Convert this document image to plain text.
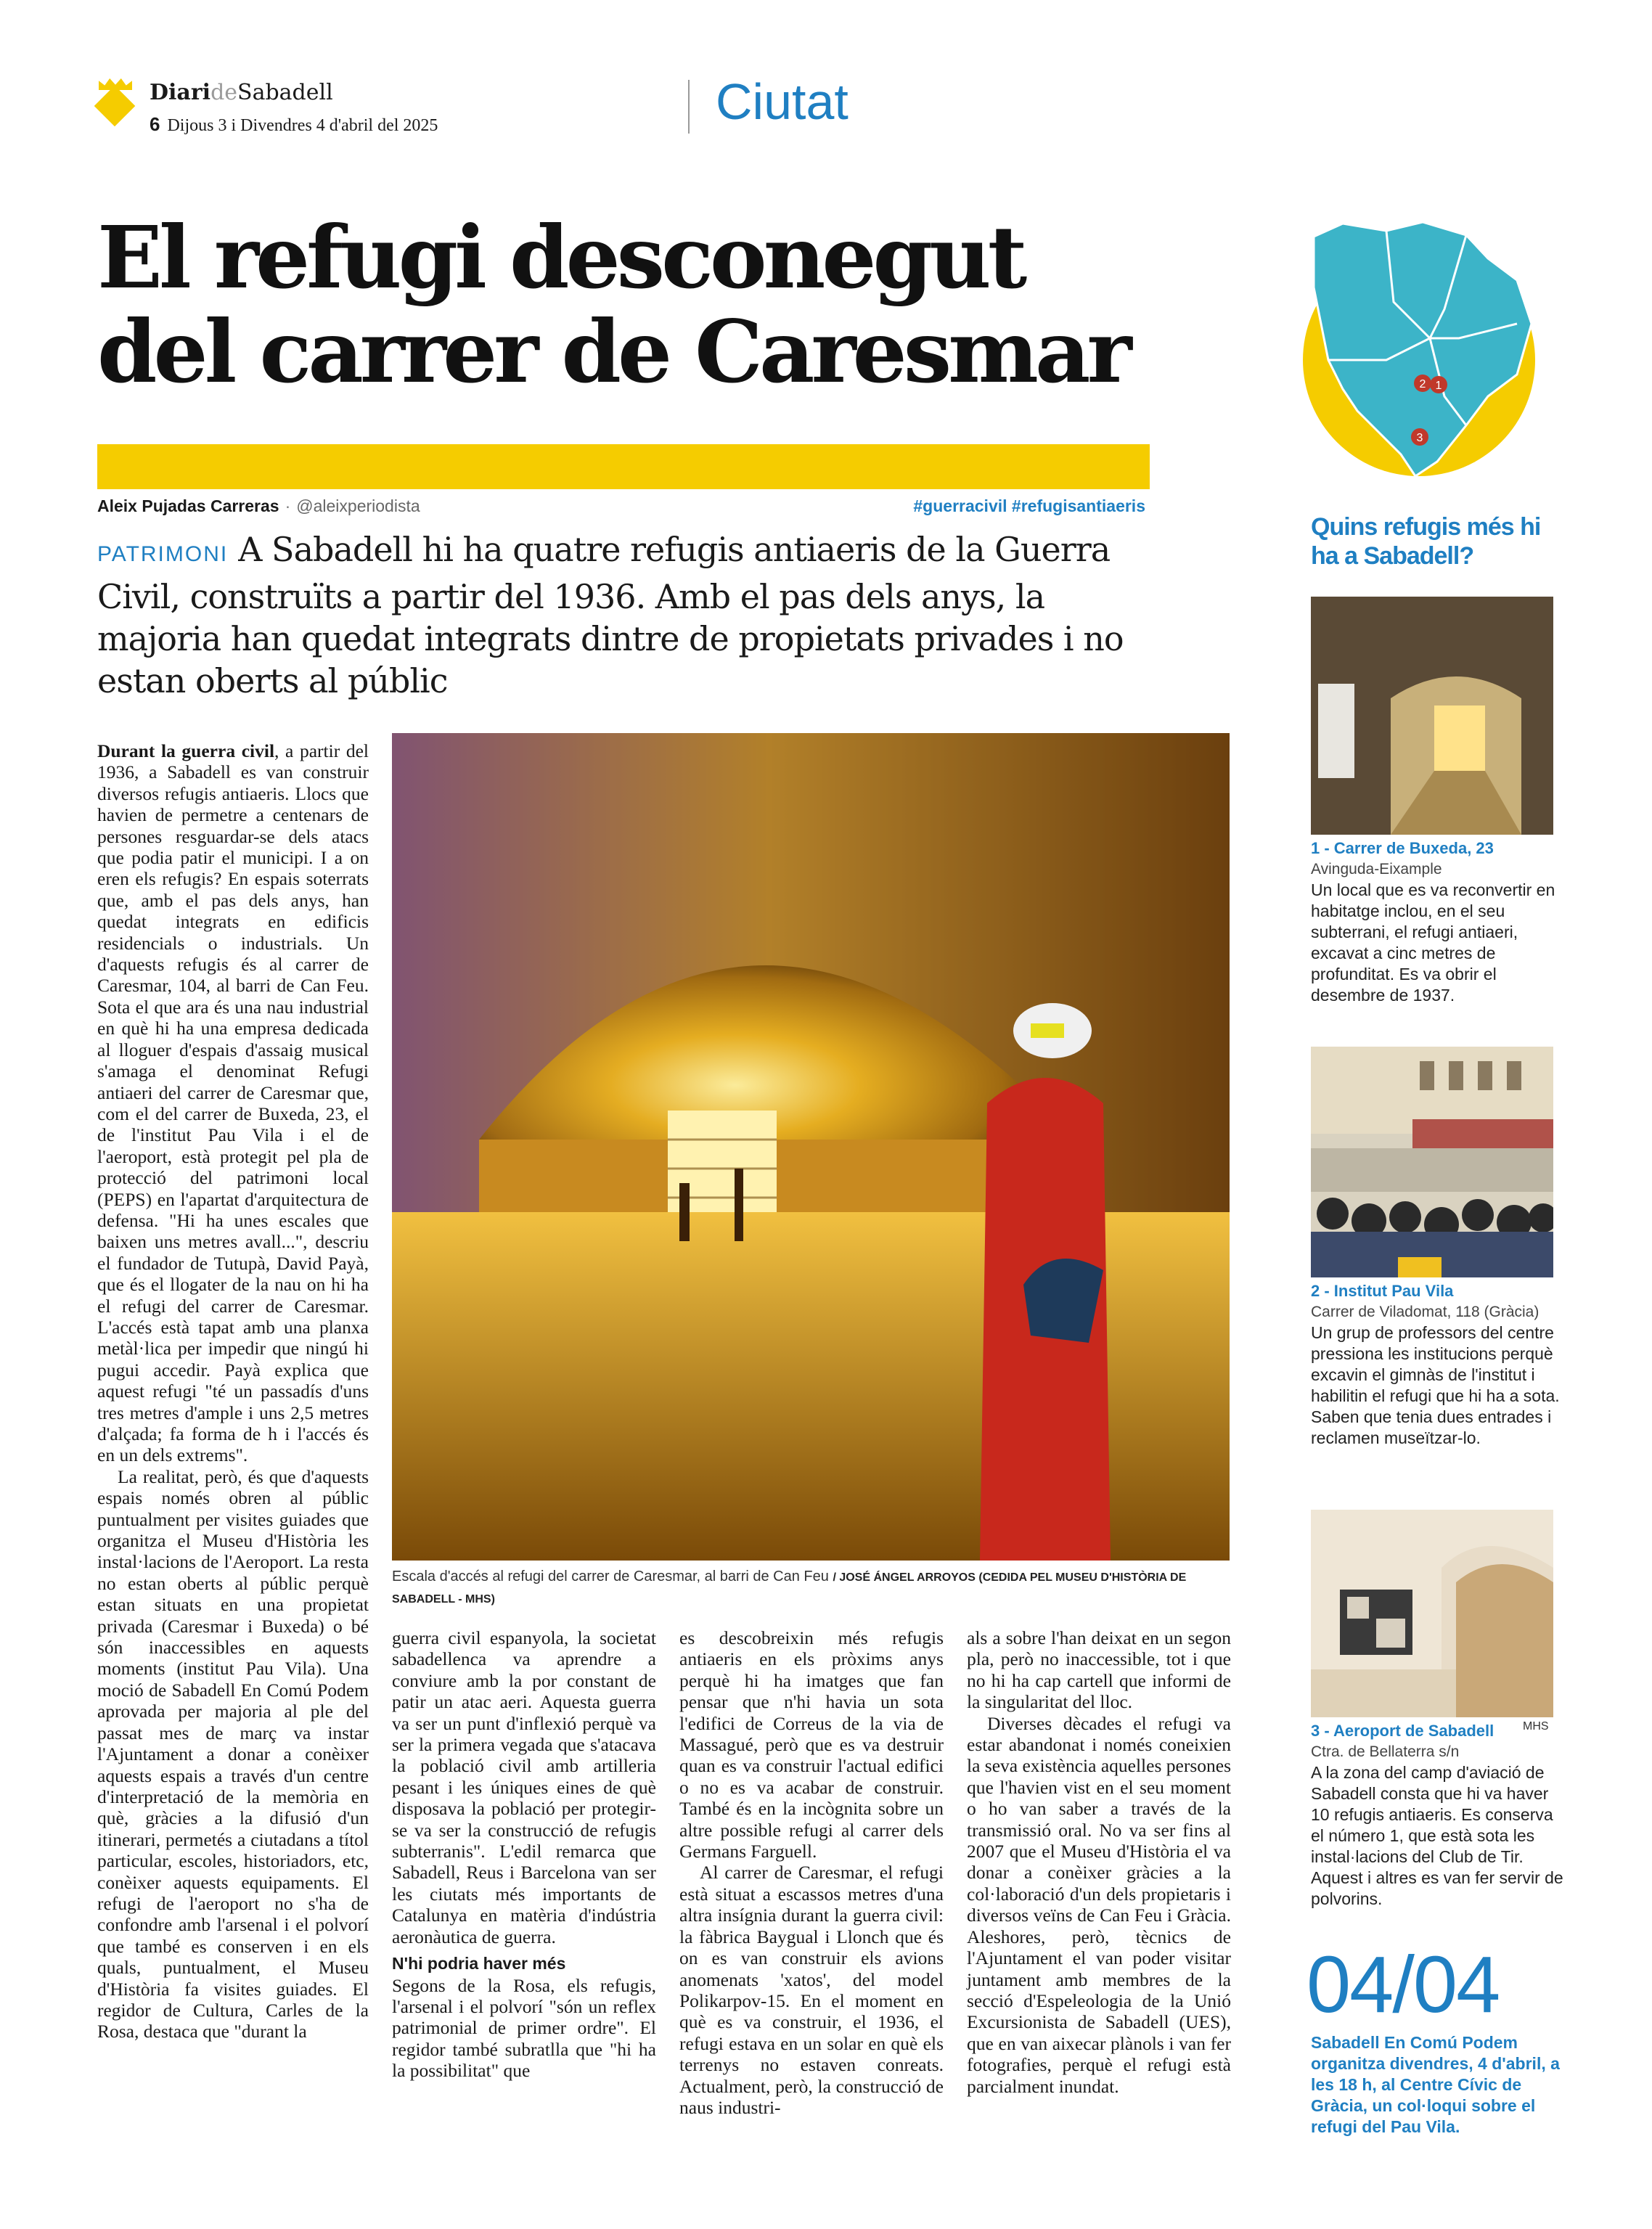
DiarideSabadell
6 Dijous 3 i Divendres 4 d'abril del 2025	Ciutat
El refugi desconegut
del carrer de Caresmar
Aleix Pujadas Carreras · @aleixperiodista	#guerracivil #refugisantiaeris
PATRIMONI A Sabadell hi ha quatre refugis antiaeris de la Guerra Civil, construïts a partir del 1936. Amb el pas dels anys, la majoria han quedat integrats dintre de propietats privades i no estan oberts al públic

Durant la guerra civil, a partir del 1936, a Sabadell es van construir diversos refugis antiaeris. Llocs que havien de permetre a centenars de persones resguardar-se dels atacs que podia patir el municipi. I a on eren els refugis? En espais soterrats que, amb el pas dels anys, han quedat integrats en edificis residencials o industrials. Un d'aquests refugis és al carrer de Caresmar, 104, al barri de Can Feu. Sota el que ara és una nau industrial en què hi ha una empresa dedicada al lloguer d'espais d'assaig musical s'amaga el denominat Refugi antiaeri del carrer de Caresmar que, com el del carrer de Buxeda, 23, el de l'institut Pau Vila i el de l'aeroport, està protegit pel pla de protecció del patrimoni local (PEPS) en l'apartat d'arquitectura de defensa. "Hi ha unes escales que baixen uns metres avall...", descriu el fundador de Tutupà, David Payà, que és el llogater de la nau on hi ha el refugi del carrer de Caresmar. L'accés està tapat amb una planxa metàl·lica per impedir que ningú hi pugui accedir. Payà explica que aquest refugi "té un passadís d'uns tres metres d'ample i uns 2,5 metres d'alçada; fa forma de h i l'accés és en un dels extrems".

La realitat, però, és que d'aquests espais només obren al públic puntualment per visites guiades que organitza el Museu d'Història les instal·lacions de l'Aeroport. La resta no estan oberts al públic perquè estan situats en una propietat privada (Caresmar i Buxeda) o bé són inaccessibles en aquests moments (institut Pau Vila). Una moció de Sabadell En Comú Podem aprovada per majoria al ple del passat mes de març va instar l'Ajuntament a donar a conèixer aquests espais a través d'un centre d'interpretació de la memòria en què, gràcies a la difusió d'un itinerari, permetés a ciutadans a títol particular, escoles, historiadors, etc, conèixer aquests equipaments. El refugi de l'aeroport no s'ha de confondre amb l'arsenal i el polvorí que també es conserven i en els quals, puntualment, el Museu d'Història fa visites guiades. El regidor de Cultura, Carles de la Rosa, destaca que "durant la

Escala d'accés al refugi del carrer de Caresmar, al barri de Can Feu / JOSÉ ÁNGEL ARROYOS (CEDIDA PEL MUSEU D'HISTÒRIA DE SABADELL - MHS)

guerra civil espanyola, la societat sabadellenca va aprendre a conviure amb la por constant de patir un atac aeri. Aquesta guerra va ser un punt d'inflexió perquè va ser la primera vegada que s'atacava la població civil amb artilleria pesant i les úniques eines de què disposava la població per protegir-se va ser la construcció de refugis subterranis". L'edil remarca que Sabadell, Reus i Barcelona van ser les ciutats més importants de Catalunya en matèria d'indústria aeronàutica de guerra.

N'hi podria haver més

Segons de la Rosa, els refugis, l'arsenal i el polvorí "són un reflex patrimonial de primer ordre". El regidor també subratlla que "hi ha la possibilitat" que

es descobreixin més refugis antiaeris en els pròxims anys perquè hi ha imatges que fan pensar que n'hi havia un sota l'edifici de Correus de la via de Massagué, però que es va destruir quan es va construir l'actual edifici o no es va acabar de construir. També és en la incògnita sobre un altre possible refugi al carrer dels Germans Farguell.

Al carrer de Caresmar, el refugi està situat a escassos metres d'una altra insígnia durant la guerra civil: la fàbrica Baygual i Llonch que és on es van construir els avions anomenats 'xatos', del model Polikarpov-15. En el moment en què es va construir, el 1936, el refugi estava en un solar en què els terrenys no estaven conreats. Actualment, però, la construcció de naus industri-

als a sobre l'han deixat en un segon pla, però no inaccessible, tot i que no hi ha cap cartell que informi de la singularitat del lloc.

Diverses dècades el refugi va estar abandonat i només coneixien la seva existència aquelles persones que l'havien vist en el seu moment o ho van saber a través de la transmissió oral. No va ser fins al 2007 que el Museu d'Història el va donar a conèixer gràcies a la col·laboració d'un dels propietaris i diversos veïns de Can Feu i Gràcia. Aleshores, però, tècnics de l'Ajuntament el van poder visitar juntament amb membres de la secció d'Espeleologia de la Unió Excursionista de Sabadell (UES), que en van aixecar plànols i van fer fotografies, perquè el refugi està parcialment inundat.

2 1
3
Quins refugis més hi ha a Sabadell?
1 - Carrer de Buxeda, 23
Avinguda-Eixample
Un local que es va reconvertir en habitatge inclou, en el seu subterrani, el refugi antiaeri, excavat a cinc metres de profunditat. Es va obrir el desembre de 1937.
2 - Institut Pau Vila
Carrer de Viladomat, 118 (Gràcia)
Un grup de professors del centre pressiona les institucions perquè excavin el gimnàs de l'institut i habilitin el refugi que hi ha a sota. Saben que tenia dues entrades i reclamen museïtzar-lo.
MHS
3 - Aeroport de Sabadell
Ctra. de Bellaterra s/n
A la zona del camp d'aviació de Sabadell consta que hi va haver 10 refugis antiaeris. Es conserva el número 1, que està sota les instal·lacions del Club de Tir. Aquest i altres es van fer servir de polvorins.
04/04
Sabadell En Comú Podem organitza divendres, 4 d'abril, a les 18 h, al Centre Cívic de Gràcia, un col·loqui sobre el refugi del Pau Vila.
